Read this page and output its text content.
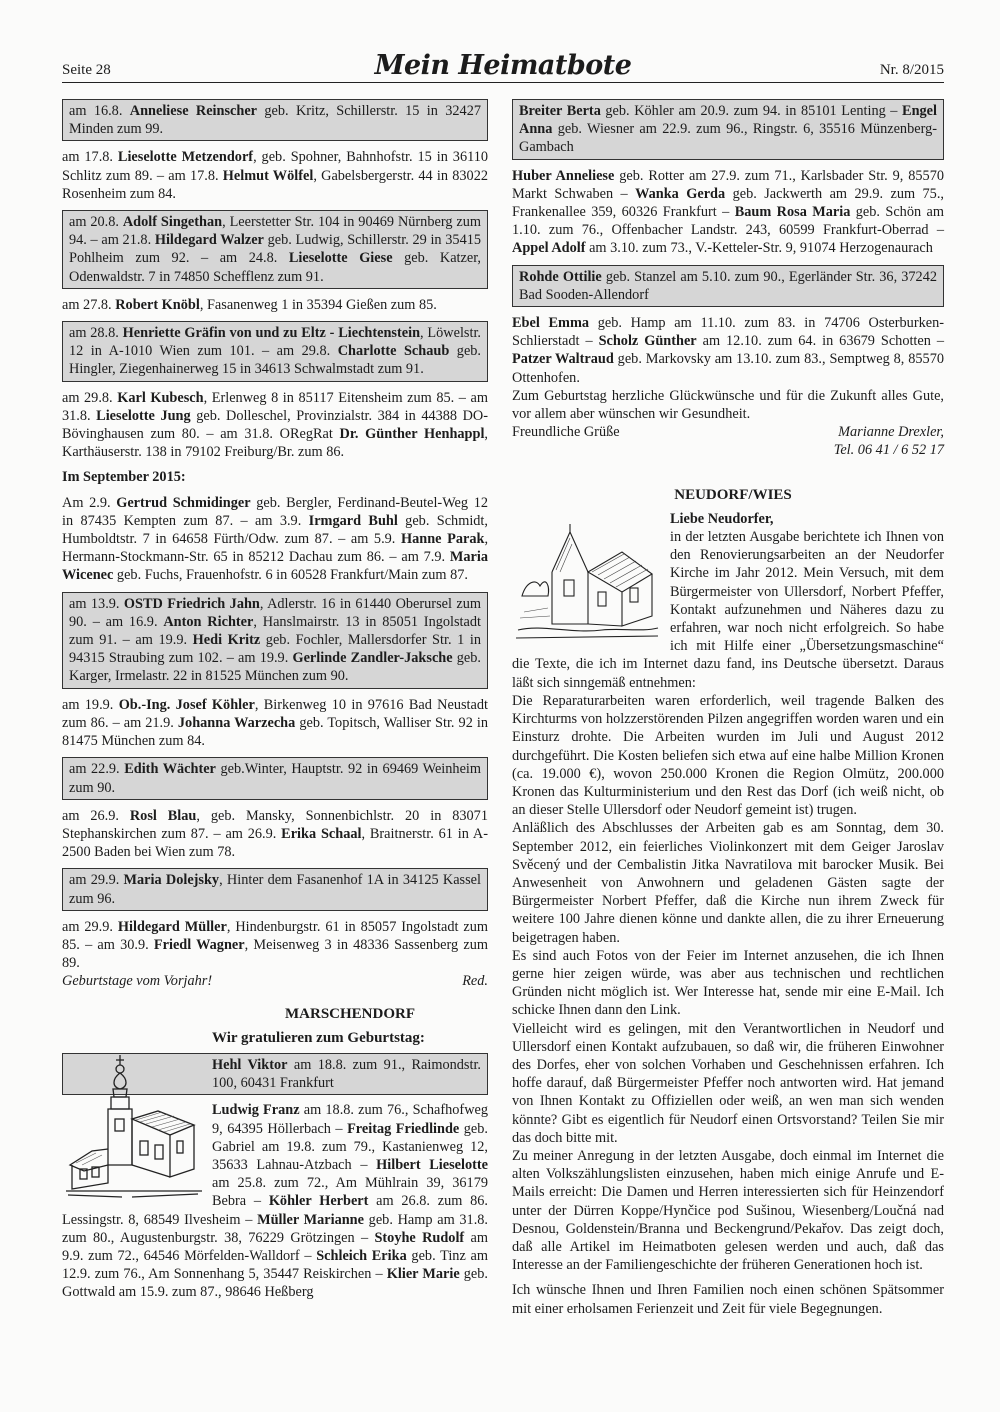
Seite 28	Mein Heimatbote	Nr. 8/2015
am 16.8. Anneliese Reinscher geb. Kritz, Schillerstr. 15 in 32427 Minden zum 99.

am 17.8. Lieselotte Metzendorf, geb. Spohner, Bahnhofstr. 15 in 36110 Schlitz zum 89. – am 17.8. Helmut Wölfel, Gabelsbergerstr. 44 in 83022 Rosenheim zum 84.

am 20.8. Adolf Singethan, Leerstetter Str. 104 in 90469 Nürnberg zum 94. – am 21.8. Hildegard Walzer geb. Ludwig, Schillerstr. 29 in 35415 Pohlheim zum 92. – am 24.8. Lieselotte Giese geb. Katzer, Odenwaldstr. 7 in 74850 Schefflenz zum 91.

am 27.8. Robert Knöbl, Fasanenweg 1 in 35394 Gießen zum 85.

am 28.8. Henriette Gräfin von und zu Eltz - Liechtenstein, Löwelstr. 12 in A-1010 Wien zum 101. – am 29.8. Charlotte Schaub geb. Hingler, Ziegenhainerweg 15 in 34613 Schwalmstadt zum 91.

am 29.8. Karl Kubesch, Erlenweg 8 in 85117 Eitensheim zum 85. – am 31.8. Lieselotte Jung geb. Dolleschel, Provinzialstr. 384 in 44388 DO-Bövinghausen zum 80. – am 31.8. ORegRat Dr. Günther Henhappl, Karthäuserstr. 138 in 79102 Freiburg/Br. zum 86.

Im September 2015:

Am 2.9. Gertrud Schmidinger geb. Bergler, Ferdinand-Beutel-Weg 12 in 87435 Kempten zum 87. – am 3.9. Irmgard Buhl geb. Schmidt, Humboldtstr. 7 in 64658 Fürth/Odw. zum 87. – am 5.9. Hanne Parak, Hermann-Stockmann-Str. 65 in 85212 Dachau zum 86. – am 7.9. Maria Wicenec geb. Fuchs, Frauenhofstr. 6 in 60528 Frankfurt/Main zum 87.

am 13.9. OSTD Friedrich Jahn, Adlerstr. 16 in 61440 Oberursel zum 90. – am 16.9. Anton Richter, Hanslmairstr. 13 in 85051 Ingolstadt zum 91. – am 19.9. Hedi Kritz geb. Fochler, Mallersdorfer Str. 1 in 94315 Straubing zum 102. – am 19.9. Gerlinde Zandler-Jaksche geb. Karger, Irmelastr. 22 in 81525 München zum 90.

am 19.9. Ob.-Ing. Josef Köhler, Birkenweg 10 in 97616 Bad Neustadt zum 86. – am 21.9. Johanna Warzecha geb. Topitsch, Walliser Str. 92 in 81475 München zum 84.

am 22.9. Edith Wächter geb.Winter, Hauptstr. 92 in 69469 Weinheim zum 90.

am 26.9. Rosl Blau, geb. Mansky, Sonnenbichlstr. 20 in 83071 Stephanskirchen zum 87. – am 26.9. Erika Schaal, Braitnerstr. 61 in A-2500 Baden bei Wien zum 78.

am 29.9. Maria Dolejsky, Hinter dem Fasanenhof 1A in 34125 Kassel zum 96.

am 29.9. Hildegard Müller, Hindenburgstr. 61 in 85057 Ingolstadt zum 85. – am 30.9. Friedl Wagner, Meisenweg 3 in 48336 Sassenberg zum 89.

Geburtstage vom Vorjahr!	Red.
MARSCHENDORF
Wir gratulieren zum Geburtstag:
Hehl Viktor am 18.8. zum 91., Raimondstr. 100, 60431 Frankfurt

Ludwig Franz am 18.8. zum 76., Schafhofweg 9, 64395 Höllerbach – Freitag Friedlinde geb. Gabriel am 19.8. zum 79., Kastanienweg 12, 35633 Lahnau-Atzbach – Hilbert Lieselotte am 25.8. zum 72., Am Mühlrain 39, 36179 Bebra – Köhler Herbert am 26.8. zum 86. Lessingstr. 8, 68549 Ilvesheim – Müller Marianne geb. Hamp am 31.8. zum 80., Augustenburgstr. 38, 76229 Grötzingen – Stoyhe Rudolf am 9.9. zum 72., 64546 Mörfelden-Walldorf – Schleich Erika geb. Tinz am 12.9. zum 76., Am Sonnenhang 5, 35447 Reiskirchen – Klier Marie geb. Gottwald am 15.9. zum 87., 98646 Heßberg

Breiter Berta geb. Köhler am 20.9. zum 94. in 85101 Lenting – Engel Anna geb. Wiesner am 22.9. zum 96., Ringstr. 6, 35516 Münzenberg-Gambach

Huber Anneliese geb. Rotter am 27.9. zum 71., Karlsbader Str. 9, 85570 Markt Schwaben – Wanka Gerda geb. Jackwerth am 29.9. zum 75., Frankenallee 359, 60326 Frankfurt – Baum Rosa Maria geb. Schön am 1.10. zum 76., Offenbacher Landstr. 243, 60599 Frankfurt-Oberrad – Appel Adolf am 3.10. zum 73., V.-Ketteler-Str. 9, 91074 Herzogenaurach

Rohde Ottilie geb. Stanzel am 5.10. zum 90., Egerländer Str. 36, 37242 Bad Sooden-Allendorf

Ebel Emma geb. Hamp am 11.10. zum 83. in 74706 Osterburken-Schlierstadt – Scholz Günther am 12.10. zum 64. in 63679 Schotten – Patzer Waltraud geb. Markovsky am 13.10. zum 83., Semptweg 8, 85570 Ottenhofen.

Zum Geburtstag herzliche Glückwünsche und für die Zukunft alles Gute, vor allem aber wünschen wir Gesundheit.

Freundliche Grüße	Marianne Drexler,
Tel. 06 41 / 6 52 17
NEUDORF/WIES

Liebe Neudorfer,

in der letzten Ausgabe berichtete ich Ihnen von den Renovierungsarbeiten an der Neudorfer Kirche im Jahr 2012. Mein Versuch, mit dem Bürgermeister von Ullersdorf, Norbert Pfeffer, Kontakt aufzunehmen und Näheres dazu zu erfahren, war noch nicht erfolgreich. So habe ich mit Hilfe einer „Übersetzungsmaschine“ die Texte, die ich im Internet dazu fand, ins Deutsche übersetzt. Daraus läßt sich sinngemäß entnehmen:

Die Reparaturarbeiten waren erforderlich, weil tragende Balken des Kirchturms von holzzerstörenden Pilzen angegriffen worden waren und ein Einsturz drohte. Die Arbeiten wurden im Juli und August 2012 durchgeführt. Die Kosten beliefen sich etwa auf eine halbe Million Kronen (ca. 19.000 €), wovon 250.000 Kronen die Region Olmütz, 200.000 Kronen das Kulturministerium und den Rest das Dorf (ich weiß nicht, ob an dieser Stelle Ullersdorf oder Neudorf gemeint ist) trugen.

Anläßlich des Abschlusses der Arbeiten gab es am Sonntag, dem 30. September 2012, ein feierliches Violinkonzert mit dem Geiger Jaroslav Svěcený und der Cembalistin Jitka Navratilova mit barocker Musik. Bei Anwesenheit von Anwohnern und geladenen Gästen sagte der Bürgermeister Norbert Pfeffer, daß die Kirche nun ihrem Zweck für weitere 100 Jahre dienen könne und dankte allen, die zu ihrer Erneuerung beigetragen haben.

Es sind auch Fotos von der Feier im Internet anzusehen, die ich Ihnen gerne hier zeigen würde, was aber aus technischen und rechtlichen Gründen nicht möglich ist. Wer Interesse hat, sende mir eine E-Mail. Ich schicke Ihnen dann den Link.

Vielleicht wird es gelingen, mit den Verantwortlichen in Neudorf und Ullersdorf einen Kontakt aufzubauen, so daß wir, die früheren Einwohner des Dorfes, eher von solchen Vorhaben und Geschehnissen erfahren. Ich hoffe darauf, daß Bürgermeister Pfeffer noch antworten wird. Hat jemand von Ihnen Kontakt zu Offiziellen oder weiß, an wen man sich wenden könnte? Gibt es eigentlich für Neudorf einen Ortsvorstand? Teilen Sie mir das doch bitte mit.

Zu meiner Anregung in der letzten Ausgabe, doch einmal im Internet die alten Volkszählungslisten einzusehen, haben mich einige Anrufe und E-Mails erreicht: Die Damen und Herren interessierten sich für Heinzendorf unter der Dürren Koppe/Hynčice pod Sušinou, Wiesenberg/Loučná nad Desnou, Goldenstein/Branna und Beckengrund/Pekařov. Das zeigt doch, daß alle Artikel im Heimatboten gelesen werden und auch, daß das Interesse an der Familiengeschichte der früheren Generationen hoch ist.

Ich wünsche Ihnen und Ihren Familien noch einen schönen Spätsommer mit einer erholsamen Ferienzeit und Zeit für viele Begegnungen.
